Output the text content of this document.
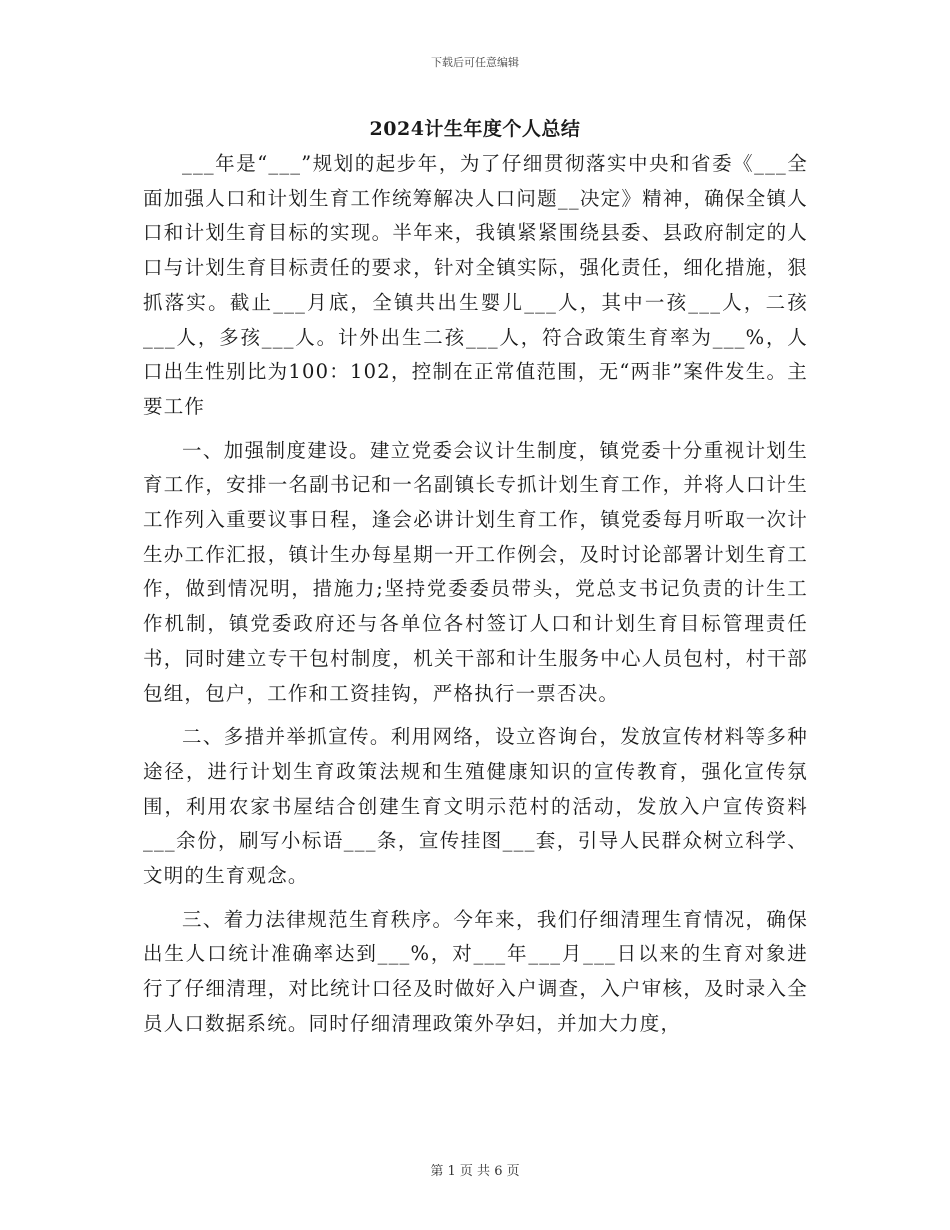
下载后可任意编辑
2024计生年度个人总结

___年是“___”规划的起步年，为了仔细贯彻落实中央和省委《___全面加强人口和计划生育工作统筹解决人口问题__决定》精神，确保全镇人口和计划生育目标的实现。半年来，我镇紧紧围绕县委、县政府制定的人口与计划生育目标责任的要求，针对全镇实际，强化责任，细化措施，狠抓落实。截止___月底，全镇共出生婴儿___人，其中一孩___人，二孩___人，多孩___人。计外出生二孩___人，符合政策生育率为___%，人口出生性别比为100：102，控制在正常值范围，无“两非”案件发生。主要工作

一、加强制度建设。建立党委会议计生制度，镇党委十分重视计划生育工作，安排一名副书记和一名副镇长专抓计划生育工作，并将人口计生工作列入重要议事日程，逢会必讲计划生育工作，镇党委每月听取一次计生办工作汇报，镇计生办每星期一开工作例会，及时讨论部署计划生育工作，做到情况明，措施力;坚持党委委员带头，党总支书记负责的计生工作机制，镇党委政府还与各单位各村签订人口和计划生育目标管理责任书，同时建立专干包村制度，机关干部和计生服务中心人员包村，村干部包组，包户，工作和工资挂钩，严格执行一票否决。

二、多措并举抓宣传。利用网络，设立咨询台，发放宣传材料等多种途径，进行计划生育政策法规和生殖健康知识的宣传教育，强化宣传氛围，利用农家书屋结合创建生育文明示范村的活动，发放入户宣传资料___余份，刷写小标语___条，宣传挂图___套，引导人民群众树立科学、文明的生育观念。

三、着力法律规范生育秩序。今年来，我们仔细清理生育情况，确保出生人口统计准确率达到___%，对___年___月___日以来的生育对象进行了仔细清理，对比统计口径及时做好入户调查，入户审核，及时录入全员人口数据系统。同时仔细清理政策外孕妇，并加大力度，

第 1 页 共 6 页
